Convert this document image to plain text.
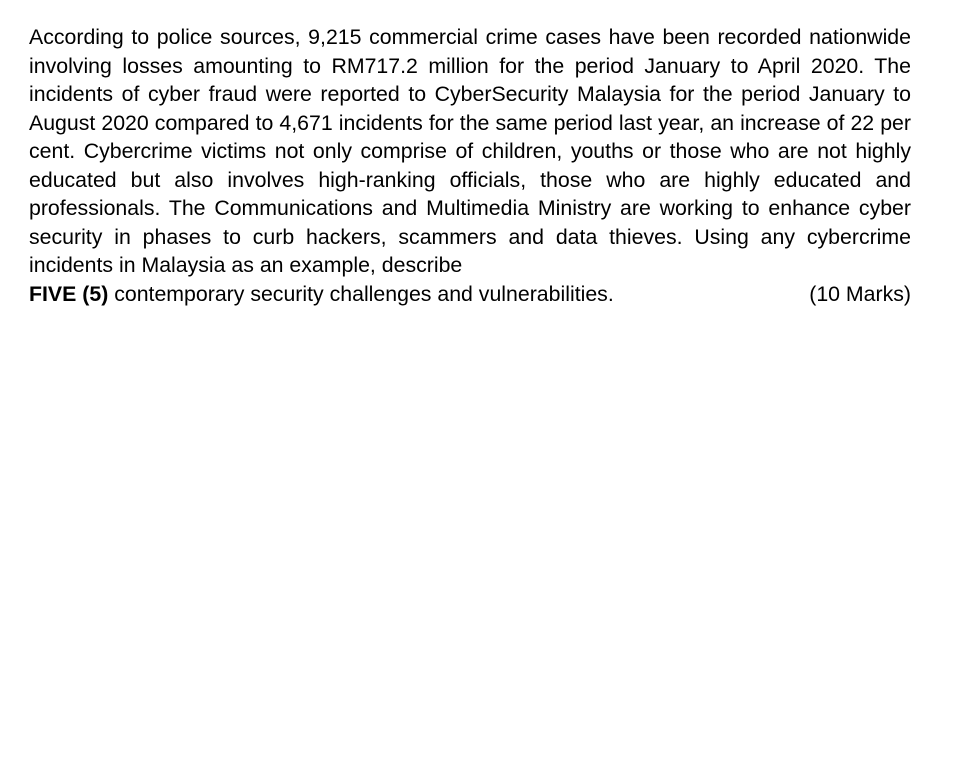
According to police sources, 9,215 commercial crime cases have been recorded nationwide involving losses amounting to RM717.2 million for the period January to April 2020. The incidents of cyber fraud were reported to CyberSecurity Malaysia for the period January to August 2020 compared to 4,671 incidents for the same period last year, an increase of 22 per cent. Cybercrime victims not only comprise of children, youths or those who are not highly educated but also involves high-ranking officials, those who are highly educated and professionals. The Communications and Multimedia Ministry are working to enhance cyber security in phases to curb hackers, scammers and data thieves. Using any cybercrime incidents in Malaysia as an example, describe
FIVE (5) contemporary security challenges and vulnerabilities.	(10 Marks)
